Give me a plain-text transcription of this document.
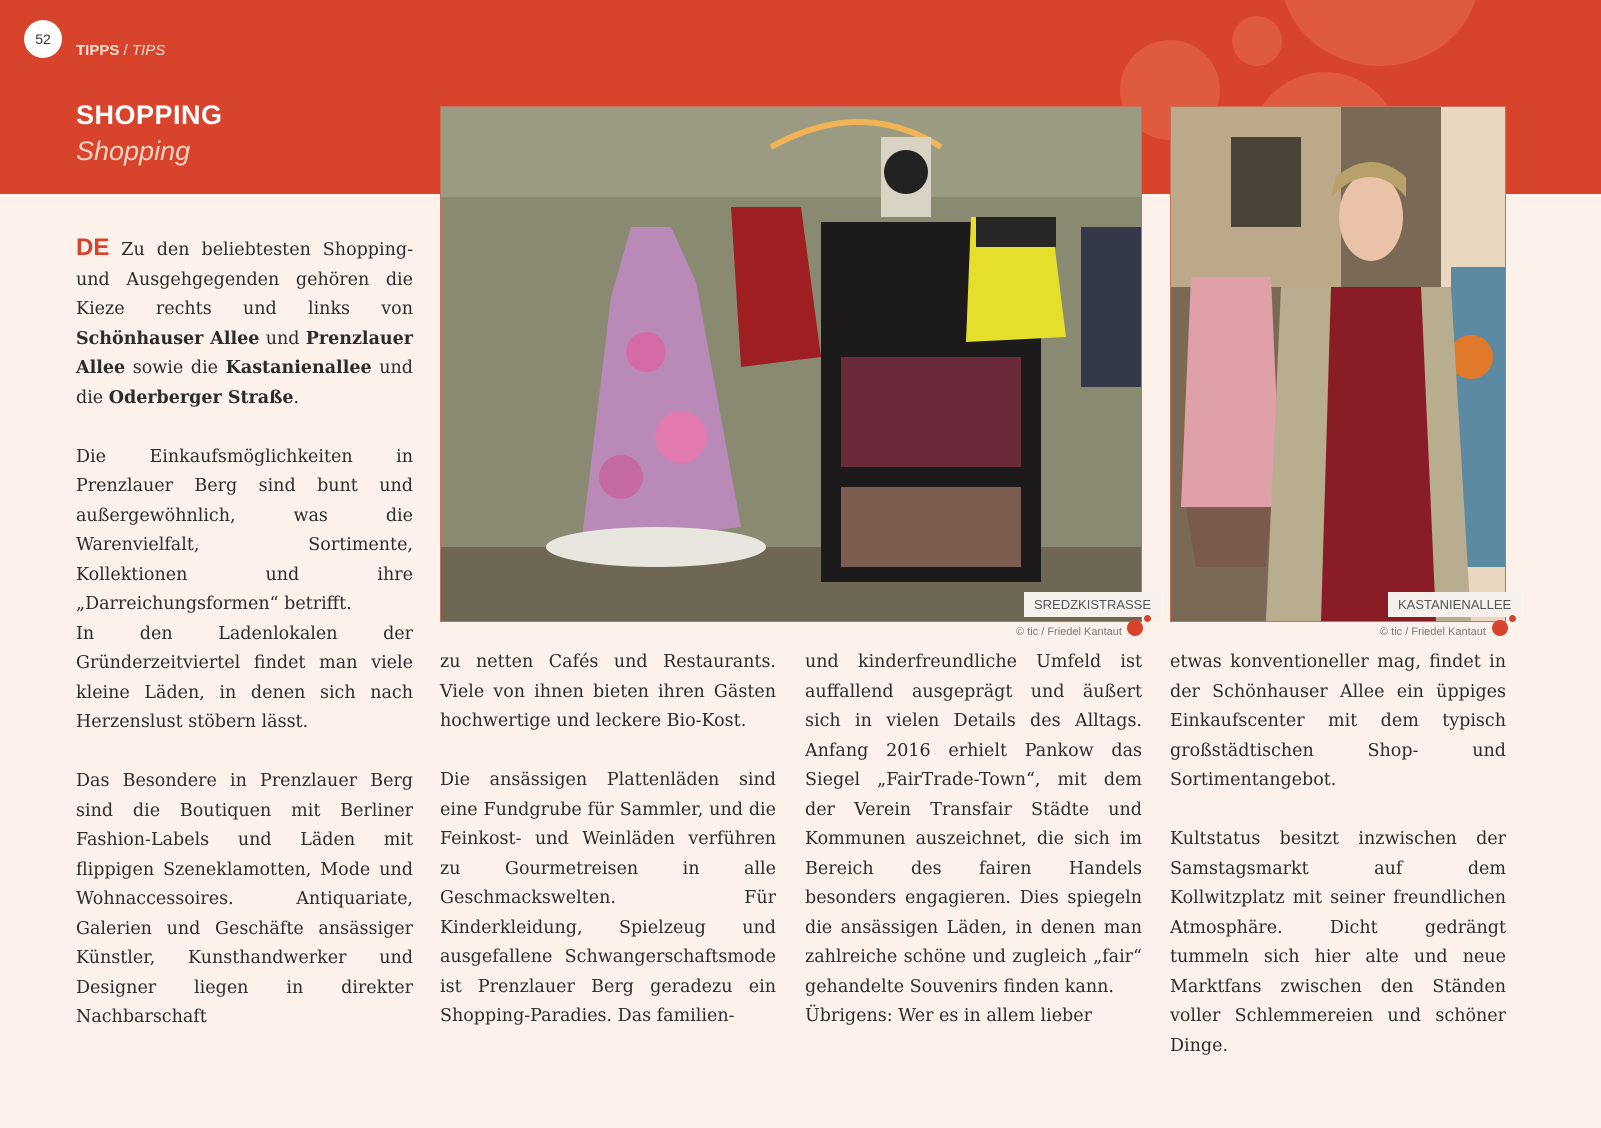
52
TIPPS / TIPS
SHOPPING
Shopping
SREDZKISTRASSE
© tic / Friedel Kantaut
KASTANIENALLEE
© tic / Friedel Kantaut

DE Zu den beliebtesten Shopping- und Ausgehgegenden gehören die Kieze rechts und links von Schönhauser Allee und Prenzlauer Allee sowie die Kastanienallee und die Oderberger Straße.

Die Einkaufsmöglichkeiten in Prenzlauer Berg sind bunt und außergewöhnlich, was die Warenvielfalt, Sortimente, Kollektionen und ihre „Darreichungsformen“ betrifft.

In den Ladenlokalen der Gründerzeitviertel findet man viele kleine Läden, in denen sich nach Herzenslust stöbern lässt.

Das Besondere in Prenzlauer Berg sind die Boutiquen mit Berliner Fashion-Labels und Läden mit flippigen Szeneklamotten, Mode und Wohnaccessoires. Antiquariate, Galerien und Geschäfte ansässiger Künstler, Kunsthandwerker und Designer liegen in direkter Nachbarschaft

zu netten Cafés und Restaurants. Viele von ihnen bieten ihren Gästen hochwertige und leckere Bio-Kost.

Die ansässigen Plattenläden sind eine Fundgrube für Sammler, und die Feinkost- und Weinläden verführen zu Gourmetreisen in alle Geschmackswelten. Für Kinderkleidung, Spielzeug und ausgefallene Schwangerschaftsmode ist Prenzlauer Berg geradezu ein Shopping-Paradies. Das familien-

und kinderfreundliche Umfeld ist auffallend ausgeprägt und äußert sich in vielen Details des Alltags. Anfang 2016 erhielt Pankow das Siegel „FairTrade-Town“, mit dem der Verein Transfair Städte und Kommunen auszeichnet, die sich im Bereich des fairen Handels besonders engagieren. Dies spiegeln die ansässigen Läden, in denen man zahlreiche schöne und zugleich „fair“ gehandelte Souvenirs finden kann.

Übrigens: Wer es in allem lieber

etwas konventioneller mag, findet in der Schönhauser Allee ein üppiges Einkaufscenter mit dem typisch großstädtischen Shop- und Sortimentangebot.

Kultstatus besitzt inzwischen der Samstagsmarkt auf dem Kollwitzplatz mit seiner freundlichen Atmosphäre. Dicht gedrängt tummeln sich hier alte und neue Marktfans zwischen den Ständen voller Schlemmereien und schöner Dinge.
